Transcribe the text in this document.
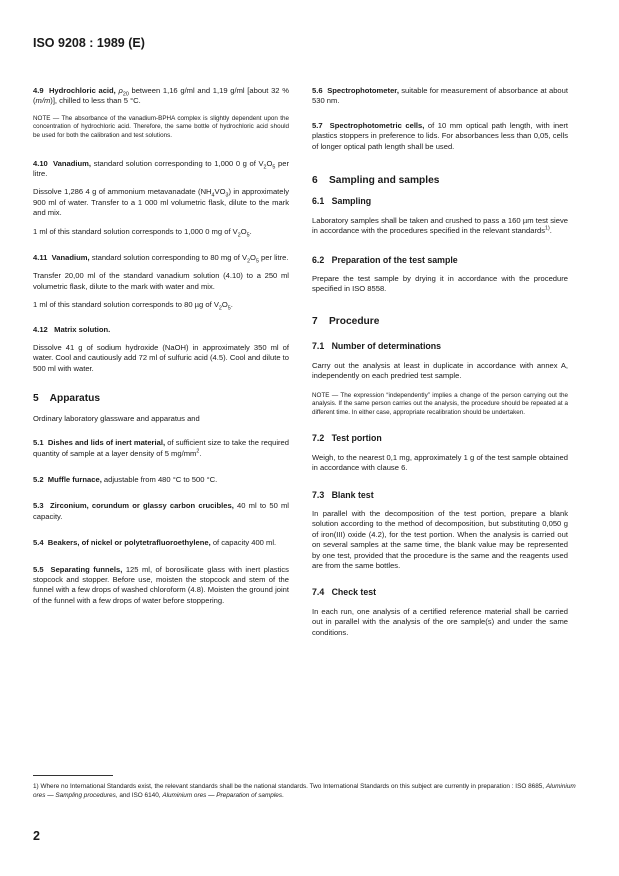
ISO 9208 : 1989 (E)

4.9 Hydrochloric acid, $\rho_{20}$ between 1,16 g/ml and 1,19 g/ml [about 32 % (m/m)], chilled to less than 5 °C.

NOTE — The absorbance of the vanadium-BPHA complex is slightly dependent upon the concentration of hydrochloric acid. Therefore, the same bottle of hydrochloric acid should be used for both the calibration and test solutions.

4.10 Vanadium, standard solution corresponding to 1,000 0 g of $V_2O_5$ per litre.

Dissolve 1,286 4 g of ammonium metavanadate $(NH_4VO_3)$ in approximately 900 ml of water. Transfer to a 1 000 ml volumetric flask, dilute to the mark and mix.

1 ml of this standard solution corresponds to 1,000 0 mg of $V_2O_5$.

4.11 Vanadium, standard solution corresponding to 80 mg of $V_2O_5$ per litre.

Transfer 20,00 ml of the standard vanadium solution (4.10) to a 250 ml volumetric flask, dilute to the mark with water and mix.

1 ml of this standard solution corresponds to 80 µg of $V_2O_5$.

4.12 Matrix solution.

Dissolve 41 g of sodium hydroxide (NaOH) in approximately 350 ml of water. Cool and cautiously add 72 ml of sulfuric acid (4.5). Cool and dilute to 500 ml with water.

5 Apparatus

Ordinary laboratory glassware and apparatus and

5.1 Dishes and lids of inert material, of sufficient size to take the required quantity of sample at a layer density of 5 $mg/mm^2$.

5.2 Muffle furnace, adjustable from 480 °C to 500 °C.

5.3 Zirconium, corundum or glassy carbon crucibles, 40 ml to 50 ml capacity.

5.4 Beakers, of nickel or polytetrafluoroethylene, of capacity 400 ml.

5.5 Separating funnels, 125 ml, of borosilicate glass with inert plastics stopcock and stopper. Before use, moisten the stopcock and stem of the funnel with a few drops of washed chloroform (4.8). Moisten the ground joint of the funnel with a few drops of water before stoppering.

5.6 Spectrophotometer, suitable for measurement of absorbance at about 530 nm.

5.7 Spectrophotometric cells, of 10 mm optical path length, with inert plastics stoppers in preference to lids. For absorbances less than 0,05, cells of longer optical path length shall be used.

6 Sampling and samples

6.1 Sampling

Laboratory samples shall be taken and crushed to pass a 160 µm test sieve in accordance with the procedures specified in the relevant standards$^{1)}$.

6.2 Preparation of the test sample

Prepare the test sample by drying it in accordance with the procedure specified in ISO 8558.

7 Procedure

7.1 Number of determinations

Carry out the analysis at least in duplicate in accordance with annex A, independently on each predried test sample.

NOTE — The expression “independently” implies a change of the person carrying out the analysis. If the same person carries out the analysis, the procedure should be repeated at a different time. In either case, appropriate recalibration should be undertaken.

7.2 Test portion

Weigh, to the nearest 0,1 mg, approximately 1 g of the test sample obtained in accordance with clause 6.

7.3 Blank test

In parallel with the decomposition of the test portion, prepare a blank solution according to the method of decomposition, but substituting 0,050 g of iron(III) oxide (4.2), for the test portion. When the analysis is carried out on several samples at the same time, the blank value may be represented by one test, provided that the procedure is the same and the reagents used are from the same bottles.

7.4 Check test

In each run, one analysis of a certified reference material shall be carried out in parallel with the analysis of the ore sample(s) and under the same conditions.

1) Where no International Standards exist, the relevant standards shall be the national standards. Two International Standards on this subject are currently in preparation : ISO 8685, Aluminium ores — Sampling procedures, and ISO 6140, Aluminium ores — Preparation of samples.
2
